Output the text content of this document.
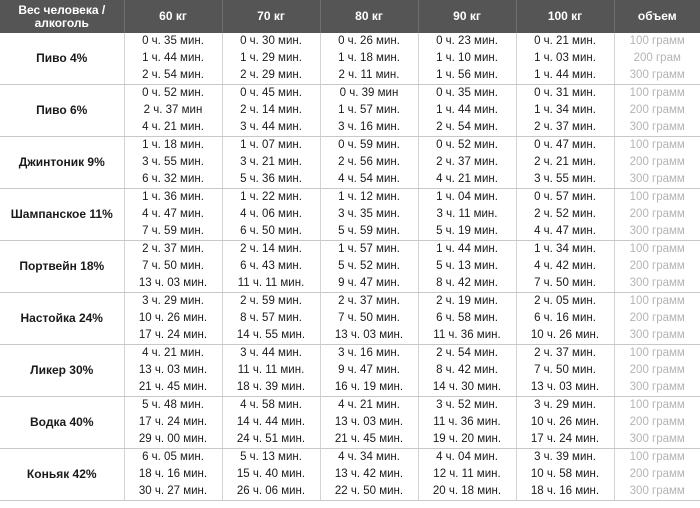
Вес человека / алкоголь	60 кг	70 кг	80 кг	90 кг	100 кг	объем
Пиво 4%	0 ч. 35 мин.	0 ч. 30 мин.	0 ч. 26 мин.	0 ч. 23 мин.	0 ч. 21 мин.	100 грамм
	1 ч. 44 мин.	1 ч. 29 мин.	1 ч. 18 мин.	1 ч. 10 мин.	1 ч. 03 мин.	200 грам
	2 ч. 54 мин.	2 ч. 29 мин.	2 ч. 11 мин.	1 ч. 56 мин.	1 ч. 44 мин.	300 грамм
Пиво 6%	0 ч. 52 мин.	0 ч. 45 мин.	0 ч. 39 мин	0 ч. 35 мин.	0 ч. 31 мин.	100 грамм
	2 ч. 37 мин	2 ч. 14 мин.	1 ч. 57 мин.	1 ч. 44 мин.	1 ч. 34 мин.	200 грамм
	4 ч. 21 мин.	3 ч. 44 мин.	3 ч. 16 мин.	2 ч. 54 мин.	2 ч. 37 мин.	300 грамм
Джинтоник 9%	1 ч. 18 мин.	1 ч. 07 мин.	0 ч. 59 мин.	0 ч. 52 мин.	0 ч. 47 мин.	100 грамм
	3 ч. 55 мин.	3 ч. 21 мин.	2 ч. 56 мин.	2 ч. 37 мин.	2 ч. 21 мин.	200 грамм
	6 ч. 32 мин.	5 ч. 36 мин.	4 ч. 54 мин.	4 ч. 21 мин.	3 ч. 55 мин.	300 грамм
Шампанское 11%	1 ч. 36 мин.	1 ч. 22 мин.	1 ч. 12 мин.	1 ч. 04 мин.	0 ч. 57 мин.	100 грамм
	4 ч. 47 мин.	4 ч. 06 мин.	3 ч. 35 мин.	3 ч. 11 мин.	2 ч. 52 мин.	200 грамм
	7 ч. 59 мин.	6 ч. 50 мин.	5 ч. 59 мин.	5 ч. 19 мин.	4 ч. 47 мин.	300 грамм
Портвейн 18%	2 ч. 37 мин.	2 ч. 14 мин.	1 ч. 57 мин.	1 ч. 44 мин.	1 ч. 34 мин.	100 грамм
	7 ч. 50 мин.	6 ч. 43 мин.	5 ч. 52 мин.	5 ч. 13 мин.	4 ч. 42 мин.	200 грамм
	13 ч. 03 мин.	11 ч. 11 мин.	9 ч. 47 мин.	8 ч. 42 мин.	7 ч. 50 мин.	300 грамм
Настойка 24%	3 ч. 29 мин.	2 ч. 59 мин.	2 ч. 37 мин.	2 ч. 19 мин.	2 ч. 05 мин.	100 грамм
	10 ч. 26 мин.	8 ч. 57 мин.	7 ч. 50 мин.	6 ч. 58 мин.	6 ч. 16 мин.	200 грамм
	17 ч. 24 мин.	14 ч. 55 мин.	13 ч. 03 мин.	11 ч. 36 мин.	10 ч. 26 мин.	300 грамм
Ликер 30%	4 ч. 21 мин.	3 ч. 44 мин.	3 ч. 16 мин.	2 ч. 54 мин.	2 ч. 37 мин.	100 грамм
	13 ч. 03 мин.	11 ч. 11 мин.	9 ч. 47 мин.	8 ч. 42 мин.	7 ч. 50 мин.	200 грамм
	21 ч. 45 мин.	18 ч. 39 мин.	16 ч. 19 мин.	14 ч. 30 мин.	13 ч. 03 мин.	300 грамм
Водка 40%	5 ч. 48 мин.	4 ч. 58 мин.	4 ч. 21 мин.	3 ч. 52 мин.	3 ч. 29 мин.	100 грамм
	17 ч. 24 мин.	14 ч. 44 мин.	13 ч. 03 мин.	11 ч. 36 мин.	10 ч. 26 мин.	200 грамм
	29 ч. 00 мин.	24 ч. 51 мин.	21 ч. 45 мин.	19 ч. 20 мин.	17 ч. 24 мин.	300 грамм
Коньяк 42%	6 ч. 05 мин.	5 ч. 13 мин.	4 ч. 34 мин.	4 ч. 04 мин.	3 ч. 39 мин.	100 грамм
	18 ч. 16 мин.	15 ч. 40 мин.	13 ч. 42 мин.	12 ч. 11 мин.	10 ч. 58 мин.	200 грамм
	30 ч. 27 мин.	26 ч. 06 мин.	22 ч. 50 мин.	20 ч. 18 мин.	18 ч. 16 мин.	300 грамм
